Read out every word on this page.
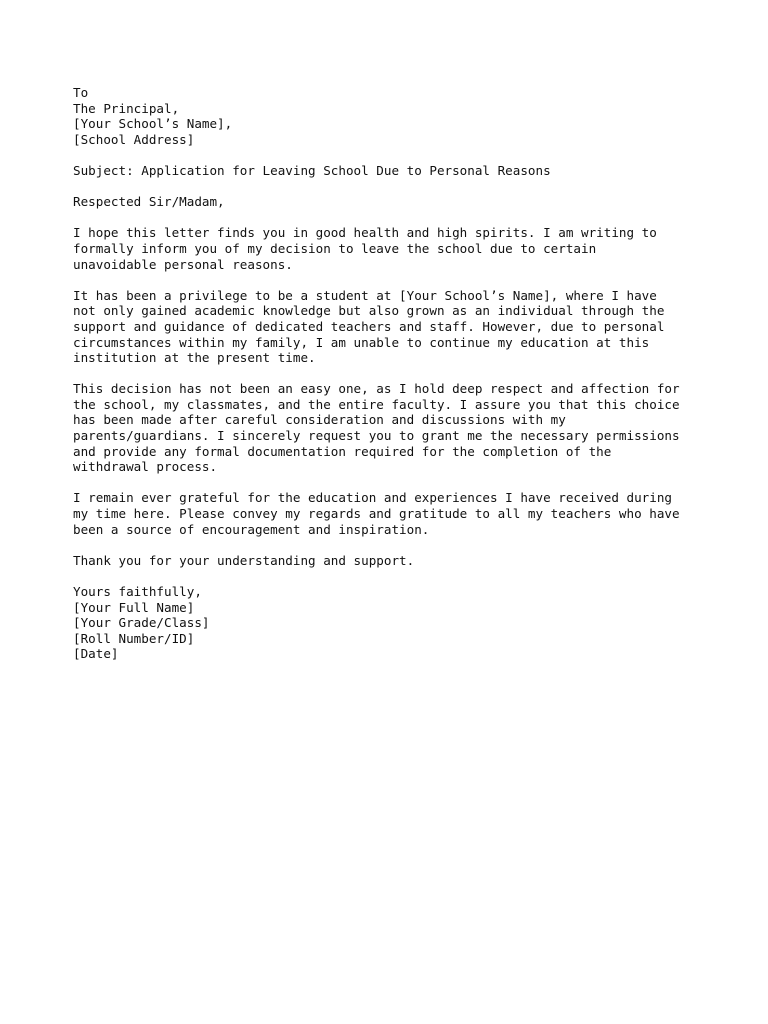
To
The Principal,
[Your School’s Name],
[School Address]
Subject: Application for Leaving School Due to Personal Reasons
Respected Sir/Madam,
I hope this letter finds you in good health and high spirits. I am writing to
formally inform you of my decision to leave the school due to certain
unavoidable personal reasons.
It has been a privilege to be a student at [Your School’s Name], where I have
not only gained academic knowledge but also grown as an individual through the
support and guidance of dedicated teachers and staff. However, due to personal
circumstances within my family, I am unable to continue my education at this
institution at the present time.
This decision has not been an easy one, as I hold deep respect and affection for
the school, my classmates, and the entire faculty. I assure you that this choice
has been made after careful consideration and discussions with my
parents/guardians. I sincerely request you to grant me the necessary permissions
and provide any formal documentation required for the completion of the
withdrawal process.
I remain ever grateful for the education and experiences I have received during
my time here. Please convey my regards and gratitude to all my teachers who have
been a source of encouragement and inspiration.
Thank you for your understanding and support.
Yours faithfully,
[Your Full Name]
[Your Grade/Class]
[Roll Number/ID]
[Date]
